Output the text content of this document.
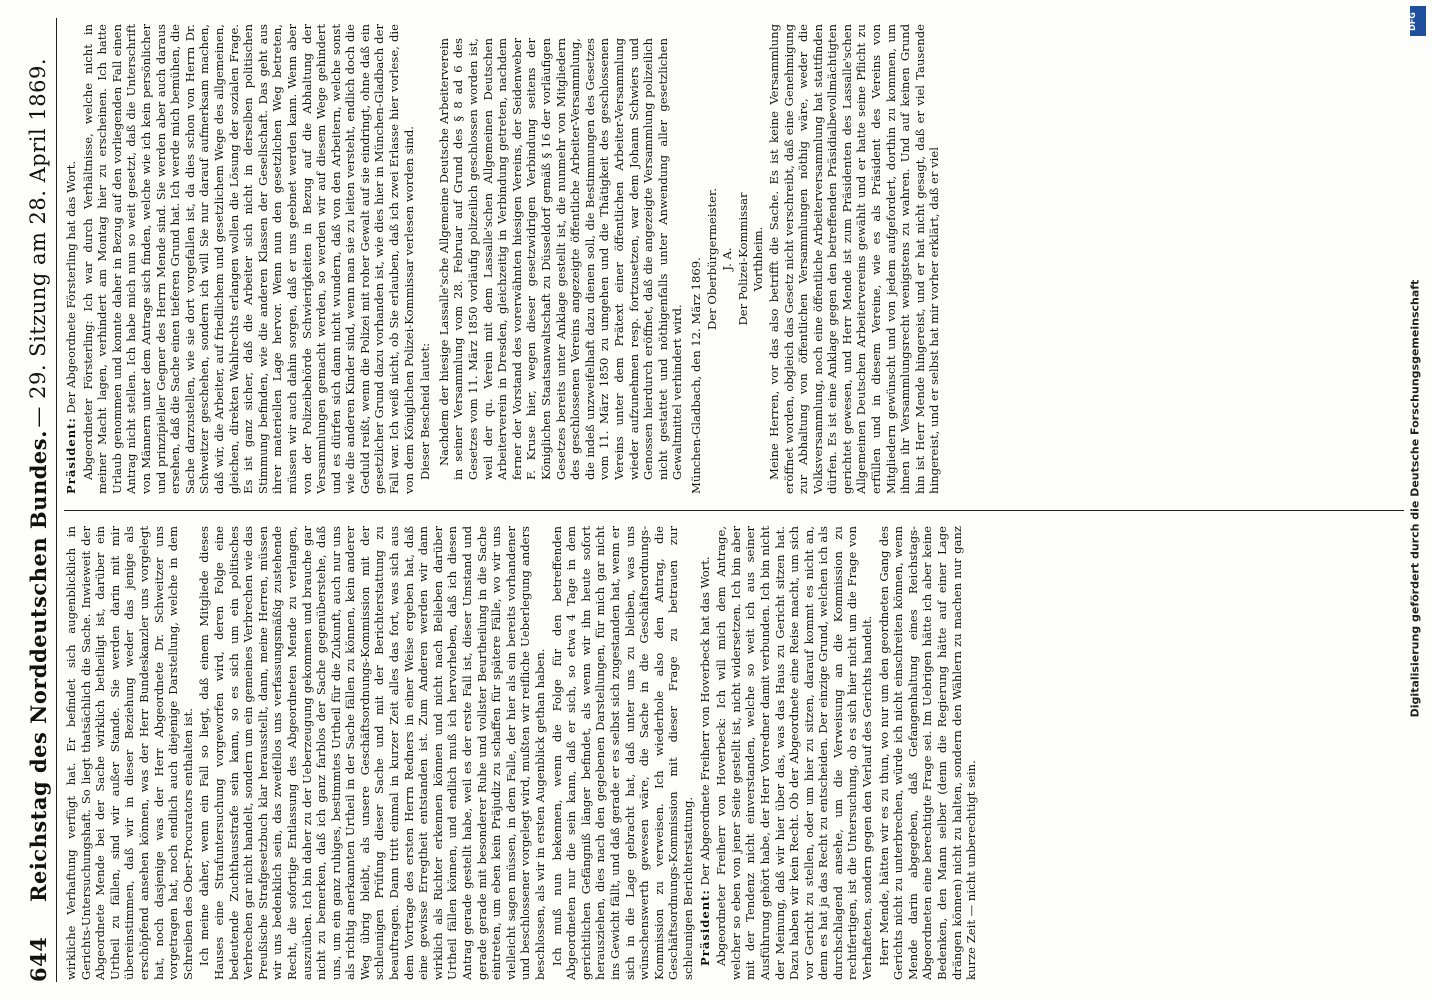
644
Reichstag des Norddeutschen Bundes.
— 29. Sitzung am 28. April 1869.

wirkliche Verhaftung verfügt hat. Er befindet sich augenblicklich in Gerichts-Untersuchungshaft. So liegt thatsächlich die Sache. Inwieweit der Abgeordnete Mende bei der Sache wirklich betheiligt ist, darüber ein Urtheil zu fällen, sind wir außer Stande. Sie werden darin mit mir übereinstimmen, daß wir in dieser Beziehung weder das jenige als erschöpfend ansehen können, was der Herr Bundeskanzler uns vorgelegt hat, noch dasjenige was der Herr Abgeordnete Dr. Schweitzer uns vorgetragen hat, noch endlich auch diejenige Darstellung, welche in dem Schreiben des Ober-Procurators enthalten ist. Ich meine daher, wenn ein Fall so liegt, daß einem Mitgliede dieses Hauses eine Strafuntersuchung vorgeworfen wird, deren Folge eine bedeutende Zuchthausstrafe sein kann, so es sich um ein politisches Verbrechen gar nicht handelt, sondern um ein gemeines Verbrechen wie das Preußische Strafgesetzbuch klar herausstellt, dann, meine Herren, müssen wir uns bedenklich sein, das zweifellos uns verfassungsmäßig zustehende Recht, die sofortige Entlassung des Abgeordneten Mende zu verlangen, auszuüben. Ich bin daher zu der Ueberzeugung gekommen und brauche gar nicht zu bemerken, daß ich ganz farblos der Sache gegenüberstehe, daß uns, um ein ganz ruhiges, bestimmtes Urtheil für die Zukunft, auch nur uns als richtig anerkannten Urtheil in der Sache fällen zu können, kein anderer Weg übrig bleibt, als unsere Geschäftsordnungs-Kommission mit der schleunigen Prüfung dieser Sache und mit der Berichterstattung zu beauftragen. Dann tritt einmal in kurzer Zeit alles das fort, was sich aus dem Vortrage des ersten Herrn Redners in einer Weise ergeben hat, daß eine gewisse Erregtheit entstanden ist. Zum Anderen werden wir dann wirklich als Richter erkennen können und nicht nach Belieben darüber Urtheil fällen können, und endlich muß ich hervorheben, daß ich diesen Antrag gerade gestellt habe, weil es der erste Fall ist, dieser Umstand und gerade gerade mit besonderer Ruhe und vollster Beurtheilung in die Sache eintreten, um eben kein Präjudiz zu schaffen für spätere Fälle, wo wir uns vielleicht sagen müssen, in dem Falle, der hier als ein bereits vorhandener und beschlossener vorgelegt wird, mußten wir reifliche Ueberlegung anders beschlossen, als wir in ersten Augenblick gethan haben. Ich muß nun bekennen, wenn die Folge für den betreffenden Abgeordneten nur die sein kann, daß er sich, so etwa 4 Tage in dem gerichtlichen Gefängniß länger befindet, als wenn wir ihn heute sofort herausziehen, dies nach den gegebenen Darstellungen, für mich gar nicht ins Gewicht fällt, und daß gerade er es selbst sich zugestanden hat, wenn er sich in die Lage gebracht hat, daß unter uns zu bleiben, was uns wünschenswerth gewesen wäre, die Sache in die Geschäftsordnungs-Kommission zu verweisen. Ich wiederhole also den Antrag, die Geschäftsordnungs-Kommission mit dieser Frage zu betrauen zur schleunigen Berichterstattung. Präsident: Der Abgeordnete Freiherr von Hoverbeck hat das Wort. Abgeordneter Freiherr von Hoverbeck: Ich will mich dem Antrage, welcher so eben von jener Seite gestellt ist, nicht widersetzen. Ich bin aber mit der Tendenz nicht einverstanden, welche so weit ich aus seiner Ausführung gehört habe, der Herr Vorredner damit verbunden. Ich bin nicht der Meinung, daß wir hier über das, was das Haus zu Gericht sitzen hat. Dazu haben wir kein Recht. Ob der Abgeordnete eine Reise macht, um sich vor Gericht zu stellen, oder um hier zu sitzen, darauf kommt es nicht an, denn es hat ja das Recht zu entscheiden. Der einzige Grund, welchen ich als durchschlagend ansehe, um die Verweisung an die Kommission zu rechtfertigen, ist die Untersuchung, ob es sich hier nicht um die Frage von Verhafteten, sondern gegen den Verlauf des Gerichts handelt. Herr Mende, hätten wir es zu thun, wo nur um den geordneten Gang des Gerichts nicht zu unterbrechen, würde ich nicht einschreiten können, wenn Mende darin abgegeben, daß Gefangenhaltung eines Reichstags-Abgeordneten eine berechtigte Frage sei. Im Uebrigen hätte ich aber keine Bedenken, den Mann selber (denn die Regierung hätte auf einer Lage drängen können) nicht zu halten, sondern den Wählern zu machen nur ganz kurze Zeit — nicht unberechtigt sein.

Präsident: Der Abgeordnete Försterling hat das Wort. Abgeordneter Försterling: Ich war durch Verhältnisse, welche nicht in meiner Macht lagen, verhindert am Montag hier zu erscheinen. Ich hatte Urlaub genommen und konnte daher in Bezug auf den vorliegenden Fall einen Antrag nicht stellen. Ich habe mich nun so weit gesetzt, daß die Unterschrift von Männern unter dem Antrage sich finden, welche wie ich kein persönlicher und prinzipieller Gegner des Herrn Mende sind. Sie werden aber auch daraus ersehen, daß die Sache einen tieferen Grund hat. Ich werde mich bemühen, die Sache darzustellen, wie sie dort vorgefallen ist, da dies schon von Herrn Dr. Schweitzer geschehen, sondern ich will Sie nur darauf aufmerksam machen, daß wir, die Arbeiter, auf friedlichem und gesetzlichem Wege des allgemeinen, gleichen, direkten Wahlrechts erlangen wollen die Lösung der sozialen Frage. Es ist ganz sicher, daß die Arbeiter sich nicht in derselben politischen Stimmung befinden, wie die anderen Klassen der Gesellschaft. Das geht aus ihrer materiellen Lage hervor. Wenn nun den gesetzlichen Weg betreten, müssen wir auch dahin sorgen, daß er uns geebnet werden kann. Wenn aber von der Polizeibehörde Schwierigkeiten in Bezug auf die Abhaltung der Versammlungen gemacht werden, so werden wir auf diesem Wege gehindert und es dürfen sich dann nicht wundern, daß von den Arbeitern, welche sonst wie die anderen Kinder sind, wenn man sie zu leiten versteht, endlich doch die Geduld reißt, wenn die Polizei mit roher Gewalt auf sie eindringt, ohne daß ein gesetzlicher Grund dazu vorhanden ist, wie dies hier in München-Gladbach der Fall war. Ich weiß nicht, ob Sie erlauben, daß ich zwei Erlasse hier vorlese, die von dem Königlichen Polizei-Kommissar verlesen worden sind. Dieser Bescheid lautet: Nachdem der hiesige Lassalle'sche Allgemeine Deutsche Arbeiterverein in seiner Versammlung vom 28. Februar auf Grund des § 8 ad 6 des Gesetzes vom 11. März 1850 vorläufig polizeilich geschlossen worden ist, weil der qu. Verein mit dem Lassalle'schen Allgemeinen Deutschen Arbeiterverein in Dresden, gleichzeitig in Verbindung getreten, nachdem ferner der Vorstand des vorerwähnten hiesigen Vereins, der Seidenweber F. Kruse hier, wegen dieser gesetzwidrigen Verbindung seitens der Königlichen Staatsanwaltschaft zu Düsseldorf gemäß § 16 der vorläufigen Gesetzes bereits unter Anklage gestellt ist, die nunmehr von Mitgliedern des geschlossenen Vereins angezeigte öffentliche Arbeiter-Versammlung, die indeß unzweifelhaft dazu dienen soll, die Bestimmungen des Gesetzes vom 11. März 1850 zu umgehen und die Thätigkeit des geschlossenen Vereins unter dem Prätext einer öffentlichen Arbeiter-Versammlung wieder aufzunehmen resp. fortzusetzen, war dem Johann Schwiers und Genossen hierdurch eröffnet, daß die angezeigte Versammlung polizeilich nicht gestattet und nöthigenfalls unter Anwendung aller gesetzlichen Gewaltmittel verhindert wird. München-Gladbach, den 12. März 1869. Der Oberbürgermeister. J. A. Der Polizei-Kommissar Vorthheim. Meine Herren, vor das also betrifft die Sache. Es ist keine Versammlung eröffnet worden, obgleich das Gesetz nicht verschreibt, daß eine Genehmigung zur Abhaltung von öffentlichen Versammlungen nöthig wäre, weder die Volksversammlung, noch eine öffentliche Arbeiterversammlung hat stattfinden dürfen. Es ist eine Anklage gegen den betreffenden Präsidialbevollmächtigten gerichtet gewesen, und Herr Mende ist zum Präsidenten des Lassalle'schen Allgemeinen Deutschen Arbeitervereins gewählt und er hatte seine Pflicht zu erfüllen und in diesem Vereine, wie es als Präsident des Vereins von Mitgliedern gewünscht und von jedem aufgefordert, dorthin zu kommen, um ihnen ihr Versammlungsrecht wenigstens zu wahren. Und auf keinen Grund hin ist Herr Mende hingereist, und er hat nicht gesagt, daß er viel Tausende hingereist, und er selbst hat mir vorher erklärt, daß er viel

DFG
Digitalisierung gefördert durch die Deutsche Forschungsgemeinschaft
